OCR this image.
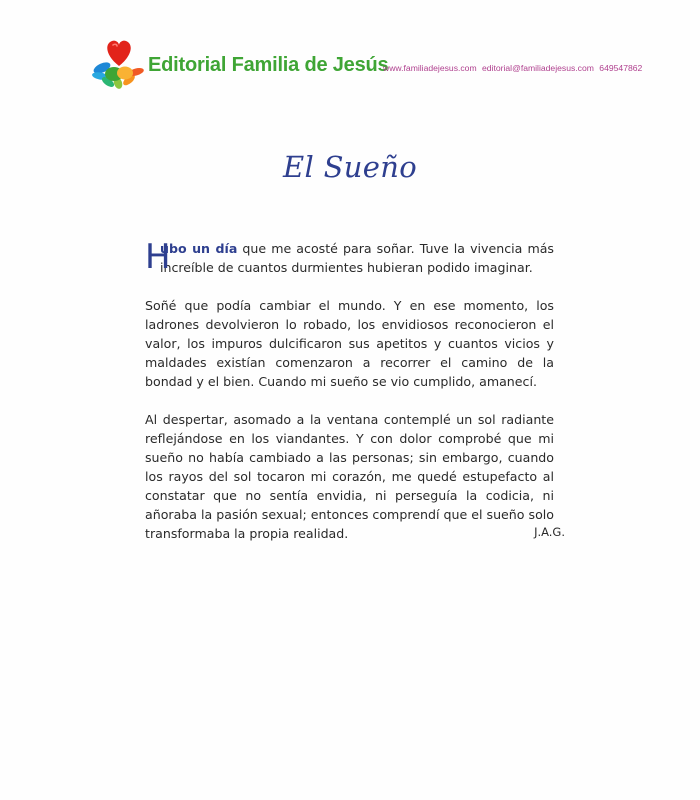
Editorial Familia de Jesús
www.familiadejesus.com editorial@familiadejesus.com 649547862
El Sueño

H
ubo un día que me acosté para soñar. Tuve la vivencia más increíble de cuantos durmientes hubieran podido imaginar.

Soñé que podía cambiar el mundo. Y en ese momento, los ladrones devolvieron lo robado, los envidiosos reconocieron el valor, los impuros dulcificaron sus apetitos y cuantos vicios y maldades existían comenzaron a recorrer el camino de la bondad y el bien. Cuando mi sueño se vio cumplido, amanecí.

Al despertar, asomado a la ventana contemplé un sol radiante reflejándose en los viandantes. Y con dolor comprobé que mi sueño no había cambiado a las personas; sin embargo, cuando los rayos del sol tocaron mi corazón, me quedé estupefacto al constatar que no sentía envidia, ni perseguía la codicia, ni añoraba la pasión sexual; entonces comprendí que el sueño solo transformaba la propia realidad.	J.A.G.
